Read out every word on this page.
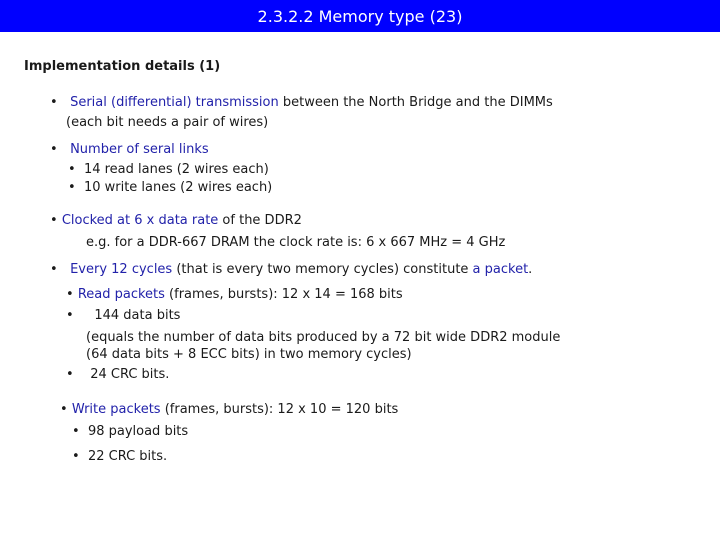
2.3.2.2 Memory type (23)
Implementation details (1)
• Serial (differential) transmission between the North Bridge and the DIMMs
(each bit needs a pair of wires)
• Number of seral links
• 14 read lanes (2 wires each)
• 10 write lanes (2 wires each)
• Clocked at 6 x data rate of the DDR2
e.g. for a DDR-667 DRAM the clock rate is: 6 x 667 MHz = 4 GHz
• Every 12 cycles (that is every two memory cycles) constitute a packet.
• Read packets (frames, bursts): 12 x 14 = 168 bits
• 144 data bits
(equals the number of data bits produced by a 72 bit wide DDR2 module
(64 data bits + 8 ECC bits) in two memory cycles)
• 24 CRC bits.
• Write packets (frames, bursts): 12 x 10 = 120 bits
• 98 payload bits
• 22 CRC bits.
